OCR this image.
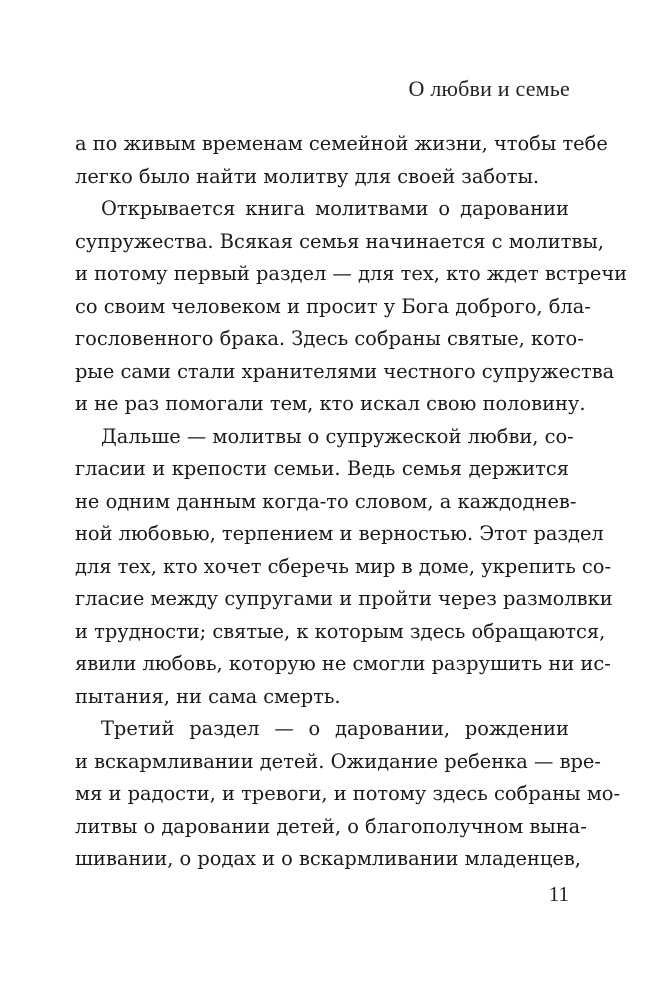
О любви и семье
а по живым временам семейной жизни, чтобы тебе
легко было найти молитву для своей заботы.
Открывается книга молитвами о даровании
супружества. Всякая семья начинается с молитвы,
и потому первый раздел — для тех, кто ждет встречи
со своим человеком и просит у Бога доброго, бла-
гословенного брака. Здесь собраны святые, кото-
рые сами стали хранителями честного супружества
и не раз помогали тем, кто искал свою половину.
Дальше — молитвы о супружеской любви, со-
гласии и крепости семьи. Ведь семья держится
не одним данным когда-то словом, а каждоднев-
ной любовью, терпением и верностью. Этот раздел
для тех, кто хочет сберечь мир в доме, укрепить со-
гласие между супругами и пройти через размолвки
и трудности; святые, к которым здесь обращаются,
явили любовь, которую не смогли разрушить ни ис-
пытания, ни сама смерть.
Третий раздел — о даровании, рождении
и вскармливании детей. Ожидание ребенка — вре-
мя и радости, и тревоги, и потому здесь собраны мо-
литвы о даровании детей, о благополучном вына-
шивании, о родах и о вскармливании младенцев,
11
